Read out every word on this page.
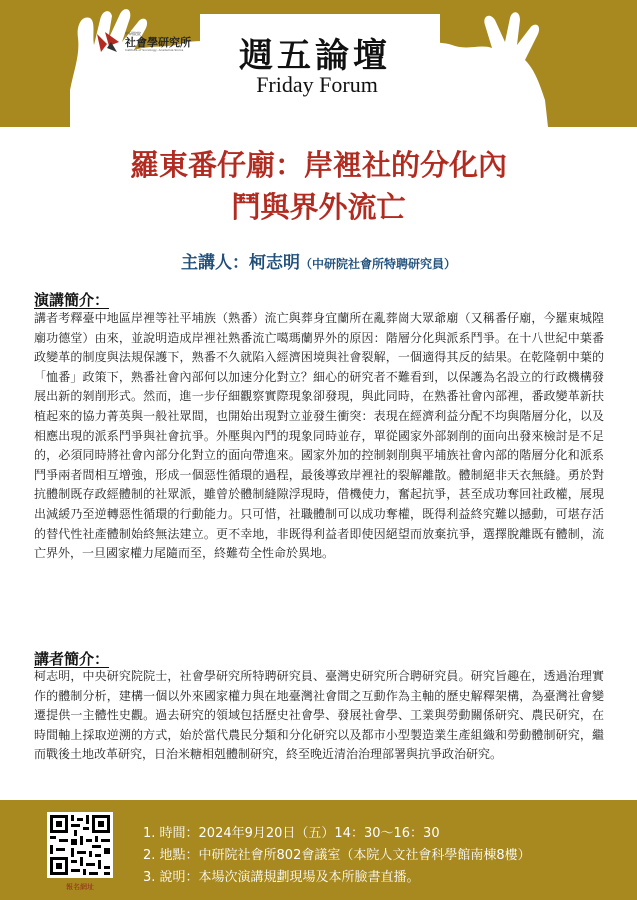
中研院院
社會學研究所
Institute of Sociology, Academia Sinica	週五論壇
Friday Forum
羅東番仔廟：岸裡社的分化內
鬥與界外流亡
主講人：柯志明（中研院社會所特聘研究員）
演講簡介：
講者考釋臺中地區岸裡等社平埔族（熟番）流亡與葬身宜蘭所在亂葬崗大眾爺廟（又稱番仔廟，今羅東城隍廟功德堂）由來，並說明造成岸裡社熟番流亡噶瑪蘭界外的原因：階層分化與派系鬥爭。在十八世紀中葉番政變革的制度與法規保護下，熟番不久就陷入經濟困境與社會裂解，一個適得其反的結果。在乾隆朝中葉的「恤番」政策下，熟番社會內部何以加速分化對立？細心的研究者不難看到，以保護為名設立的行政機構發展出新的剝削形式。然而，進一步仔細觀察實際現象卻發現，與此同時，在熟番社會內部裡，番政變革新扶植起來的協力菁英與一般社眾間，也開始出現對立並發生衝突：表現在經濟利益分配不均與階層分化，以及相應出現的派系鬥爭與社會抗爭。外壓與內鬥的現象同時並存，單從國家外部剝削的面向出發來檢討是不足的，必須同時將社會內部分化對立的面向帶進來。國家外加的控制剝削與平埔族社會內部的階層分化和派系鬥爭兩者間相互增強，形成一個惡性循環的過程，最後導致岸裡社的裂解離散。體制絕非天衣無縫。勇於對抗體制既存政經體制的社眾派，雖曾於體制縫隙浮現時，借機使力，奮起抗爭，甚至成功奪回社政權，展現出減緩乃至逆轉惡性循環的行動能力。只可惜，社職體制可以成功奪權，既得利益終究難以撼動，可堪存活的替代性社產體制始終無法建立。更不幸地，非既得利益者即使因絕望而放棄抗爭，選擇脫離既有體制，流亡界外，一旦國家權力尾隨而至，終難苟全性命於異地。
講者簡介：
柯志明，中央研究院院士，社會學研究所特聘研究員、臺灣史研究所合聘研究員。研究旨趣在，透過治理實作的體制分析，建構一個以外來國家權力與在地臺灣社會間之互動作為主軸的歷史解釋架構，為臺灣社會變遷提供一主體性史觀。過去研究的領域包括歷史社會學、發展社會學、工業與勞動關係研究、農民研究，在時間軸上採取逆溯的方式，始於當代農民分類和分化研究以及都市小型製造業生產組織和勞動體制研究，繼而戰後土地改革研究，日治米糖相剋體制研究，終至晚近清治治理部署與抗爭政治研究。
報名網址
1. 時間：2024年9月20日（五）14：30～16：30
2. 地點：中研院社會所802會議室（本院人文社會科學館南棟8樓）
3. 說明：本場次演講規劃現場及本所臉書直播。
